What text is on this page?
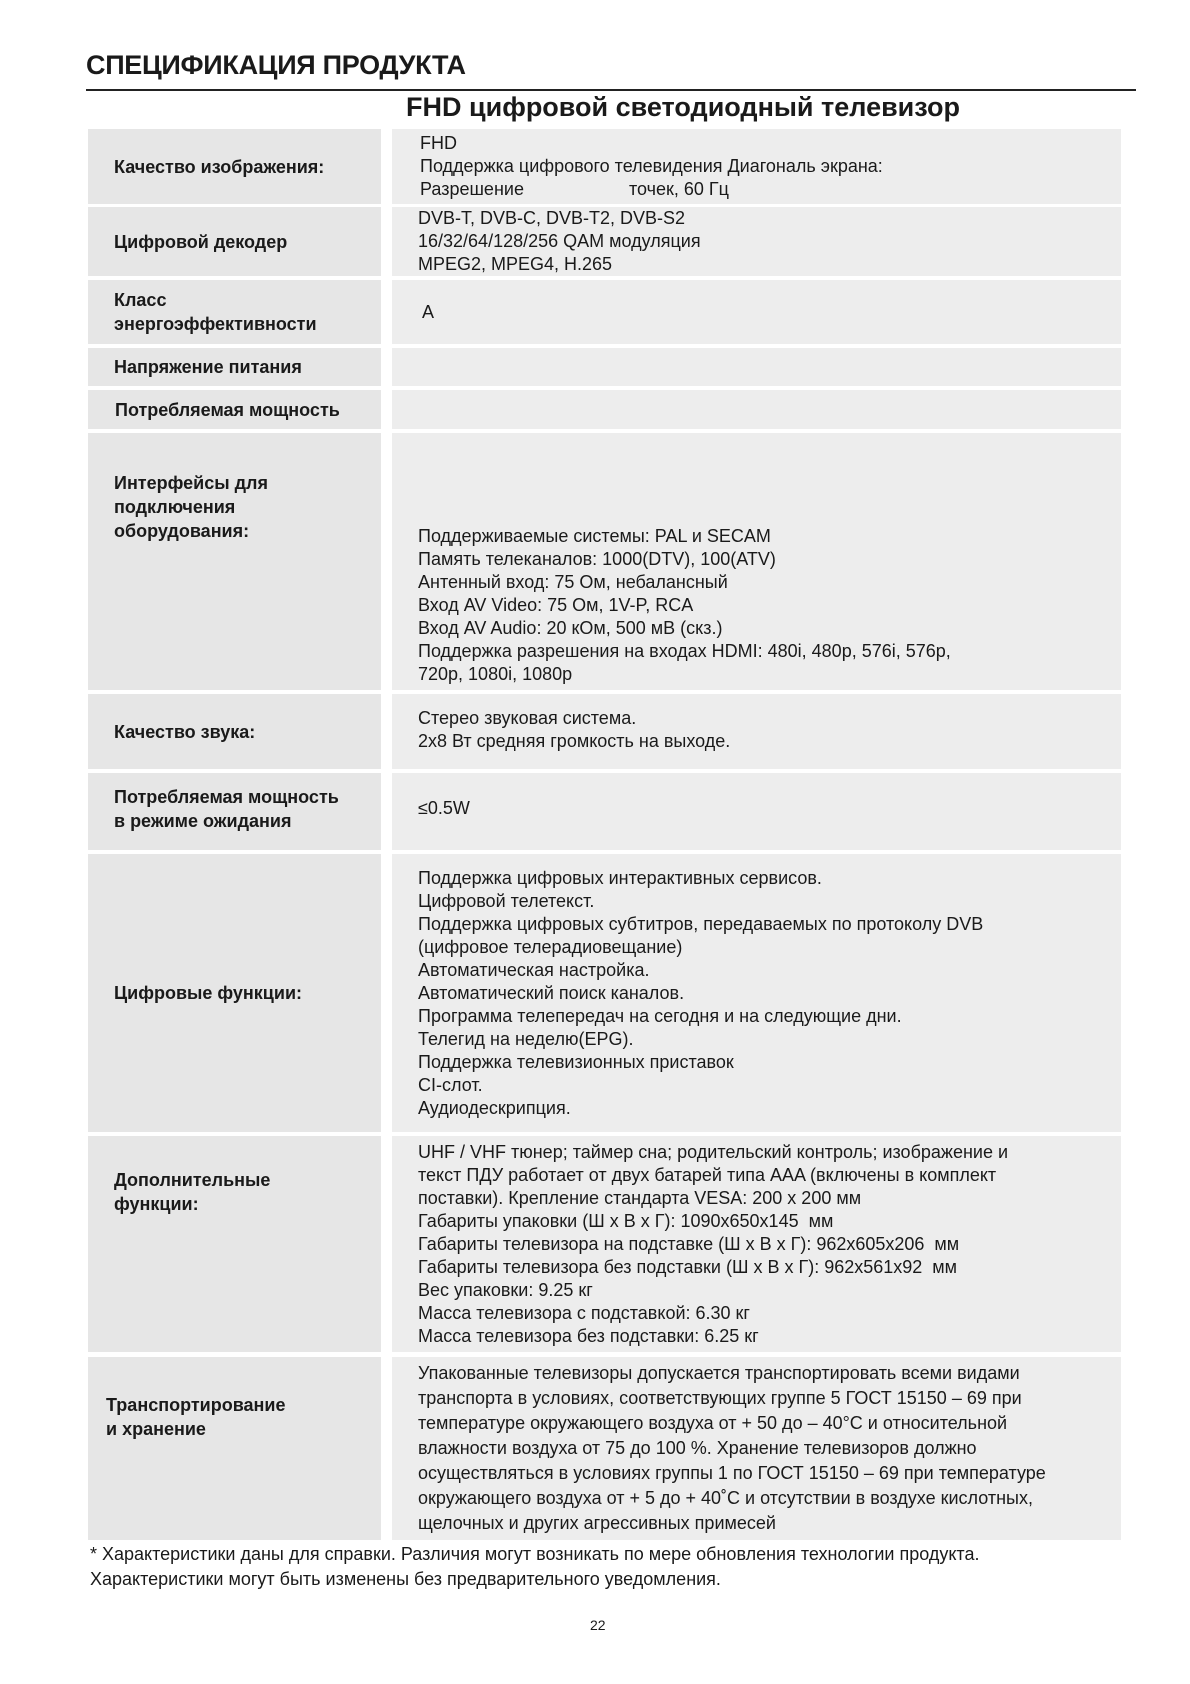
СПЕЦИФИКАЦИЯ ПРОДУКТА
FHD цифровой светодиодный телевизор
Качество изображения:
FHD
Поддержка цифрового телевидения Диагональ экрана:
Разрешение                     точек, 60 Гц
Цифровой декодер
DVB-T, DVB-C, DVB-T2, DVB-S2
16/32/64/128/256 QAM модуляция
MPEG2, MPEG4, H.265
Класс
энергоэффективности
A
Напряжение питания
Потребляемая мощность
Интерфейсы для
подключения
оборудования:	Поддерживаемые системы: PAL и SECAM
Память телеканалов: 1000(DTV), 100(ATV)
Антенный вход: 75 Ом, небалансный
Вход AV Video: 75 Ом, 1V-P, RCA
Вход AV Audio: 20 кОм, 500 мВ (скз.)
Поддержка разрешения на входах HDMI: 480i, 480p, 576i, 576p,
720p, 1080i, 1080p
Качество звука:
Стерео звуковая система.
2x8 Вт средняя громкость на выходе.
Потребляемая мощность
в режиме ожидания
≤0.5W
Цифровые функции:
Поддержка цифровых интерактивных сервисов.
Цифровой телетекст.
Поддержка цифровых субтитров, передаваемых по протоколу DVB
(цифровое телерадиовещание)
Автоматическая настройка.
Автоматический поиск каналов.
Программа телепередач на сегодня и на следующие дни.
Телегид на неделю(EPG).
Поддержка телевизионных приставок
CI-слот.
Аудиодескрипция.
Дополнительные
функции:
UHF / VHF тюнер; таймер сна; родительский контроль; изображение и
текст ПДУ работает от двух батарей типа AAA (включены в комплект
поставки). Крепление стандарта VESA: 200 x 200 мм
Габариты упаковки (Ш x В x Г): 1090x650x145  мм
Габариты телевизора на подставке (Ш x В x Г): 962x605x206  мм
Габариты телевизора без подставки (Ш x В x Г): 962x561x92  мм
Вес упаковки: 9.25 кг
Масса телевизора с подставкой: 6.30 кг
Масса телевизора без подставки: 6.25 кг
Транспортирование
и хранение
Упакованные телевизоры допускается транспортировать всеми видами
транспорта в условиях, соответствующих группе 5 ГОСТ 15150 – 69 при
температуре окружающего воздуха от + 50 до – 40°C и относительной
влажности воздуха от 75 до 100 %. Хранение телевизоров должно
осуществляться в условиях группы 1 по ГОСТ 15150 – 69 при температуре
окружающего воздуха от + 5 до + 40˚С и отсутствии в воздухе кислотных,
щелочных и других агрессивных примесей

* Характеристики даны для справки. Различия могут возникать по мере обновления технологии продукта.

Характеристики могут быть изменены без предварительного уведомления.

22
